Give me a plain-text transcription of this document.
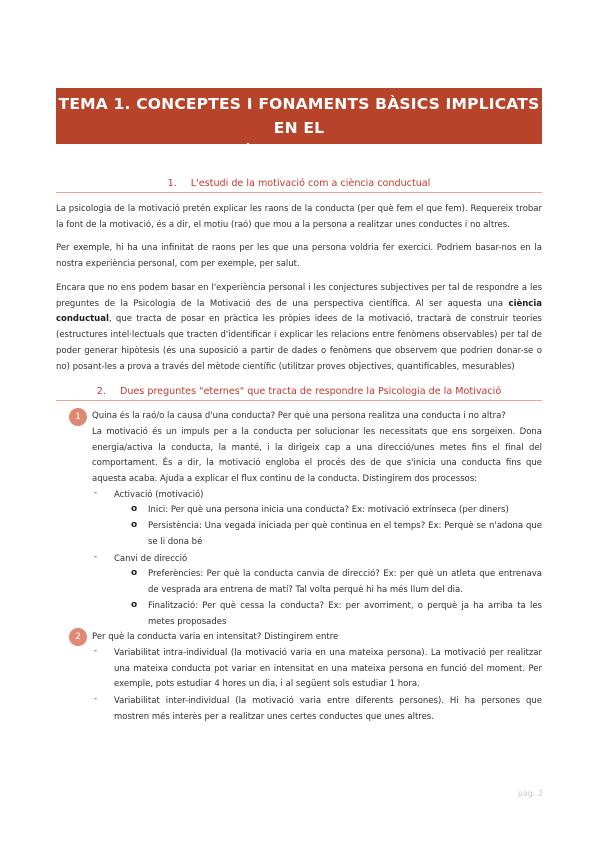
TEMA 1. CONCEPTES I FONAMENTS BÀSICS IMPLICATS EN EL
PROCÉS MOTIVACIONAL
1. L'estudi de la motivació com a ciència conductual
La psicologia de la motivació pretén explicar les raons de la conducta (per què fem el que fem). Requereix trobar la font de la motivació, és a dir, el motiu (raó) que mou a la persona a realitzar unes conductes i no altres.
Per exemple, hi ha una infinitat de raons per les que una persona voldria fer exercici. Podriem basar-nos en la nostra experiència personal, com per exemple, per salut.
Encara que no ens podem basar en l'experiència personal i les conjectures subjectives per tal de respondre a les preguntes de la Psicologia de la Motivació des de una perspectiva científica. Al ser aquesta una ciència conductual, que tracta de posar en pràctica les pròpies idees de la motivació, tractarà de construir teories (estructures intel·lectuals que tracten d'identificar i explicar les relacions entre fenòmens observables) per tal de poder generar hipòtesis (és una suposició a partir de dades o fenòmens que observem que podrien donar-se o no) posant-les a prova a través del mètode científic (utilitzar proves objectives, quantificables, mesurables)
2. Dues preguntes "eternes" que tracta de respondre la Psicologia de la Motivació
1	Quina és la raó/o la causa d'una conducta? Per què una persona realitza una conducta i no altra?
La motivació és un impuls per a la conducta per solucionar les necessitats que ens sorgeixen. Dona energia/activa la conducta, la manté, i la dirigeix cap a una direcció/unes metes fins el final del comportament. És a dir, la motivació engloba el procés des de que s'inicia una conducta fins que aquesta acaba. Ajuda a explicar el flux continu de la conducta. Distingirem dos processos:
- Activació (motivació)
o Inici: Per què una persona inicia una conducta? Ex: motivació extrínseca (per diners)
o Persistència: Una vegada iniciada per què continua en el temps? Ex: Perquè se n'adona que se li dona bé
- Canvi de direcció
o Preferències: Per què la conducta canvia de direcció? Ex: per què un atleta que entrenava de vesprada ara entrena de matí? Tal volta perquè hi ha més llum del dia.
o Finalització: Per què cessa la conducta? Ex: per avorriment, o perquè ja ha arriba ta les metes proposades
2	Per què la conducta varia en intensitat? Distingirem entre
- Variabilitat intra-individual (la motivació varia en una mateixa persona). La motivació per realitzar una mateixa conducta pot variar en intensitat en una mateixa persona en funció del moment. Per exemple, pots estudiar 4 hores un dia, i al següent sols estudiar 1 hora.
- Variabilitat inter-individual (la motivació varia entre diferents persones). Hi ha persones que mostren més interès per a realitzar unes certes conductes que unes altres.
pàg. 2
